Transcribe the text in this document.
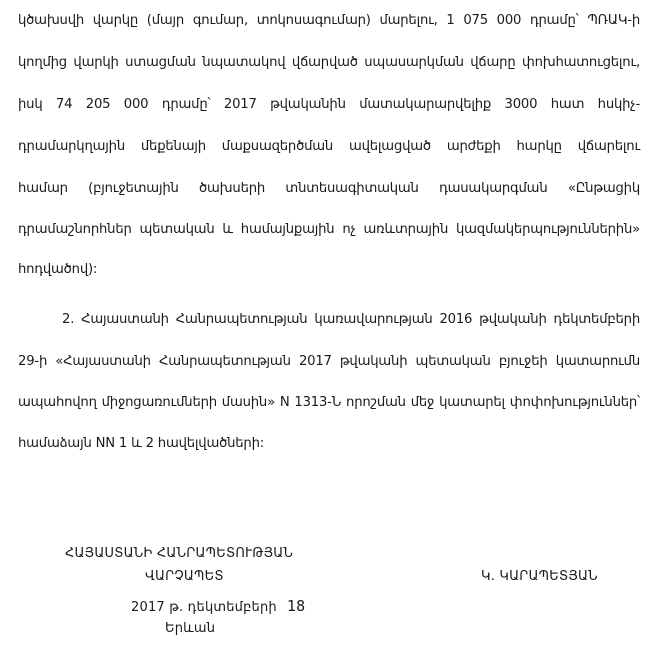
կծախսվի վարկը (մայր գումար, տոկոսագումար) մարելու, 1 075 000 դրամը՝ ՊՌԱԿ-ի
կողմից վարկի ստացման նպատակով վճարված սպասարկման վճարը փոխհատուցելու,
իսկ 74 205 000 դրամը՝ 2017 թվականին մատակարարվելիք 3000 հատ հսկիչ-
դրամարկղային մեքենայի մաքսազերծման ավելացված արժեքի հարկը վճարելու
համար (բյուջետային ծախսերի տնտեսագիտական դասակարգման «Ընթացիկ
դրամաշնորհներ պետական և համայնքային ոչ առևտրային կազմակերպություններին»
հոդվածով):
2. Հայաստանի Հանրապետության կառավարության 2016 թվականի դեկտեմբերի
29-ի «Հայաստանի Հանրապետության 2017 թվականի պետական բյուջեի կատարումն
ապահովող միջոցառումների մասին» N 1313-Ն որոշման մեջ կատարել փոփոխություններ՝
համաձայն NN 1 և 2 հավելվածների:
ՀԱՅԱՍՏԱՆԻ ՀԱՆՐԱՊԵՏՈՒԹՅԱՆ
ՎԱՐՉԱՊԵՏ	Կ. ԿԱՐԱՊԵՏՅԱՆ
2017 թ. դեկտեմբերի 18
Երևան
